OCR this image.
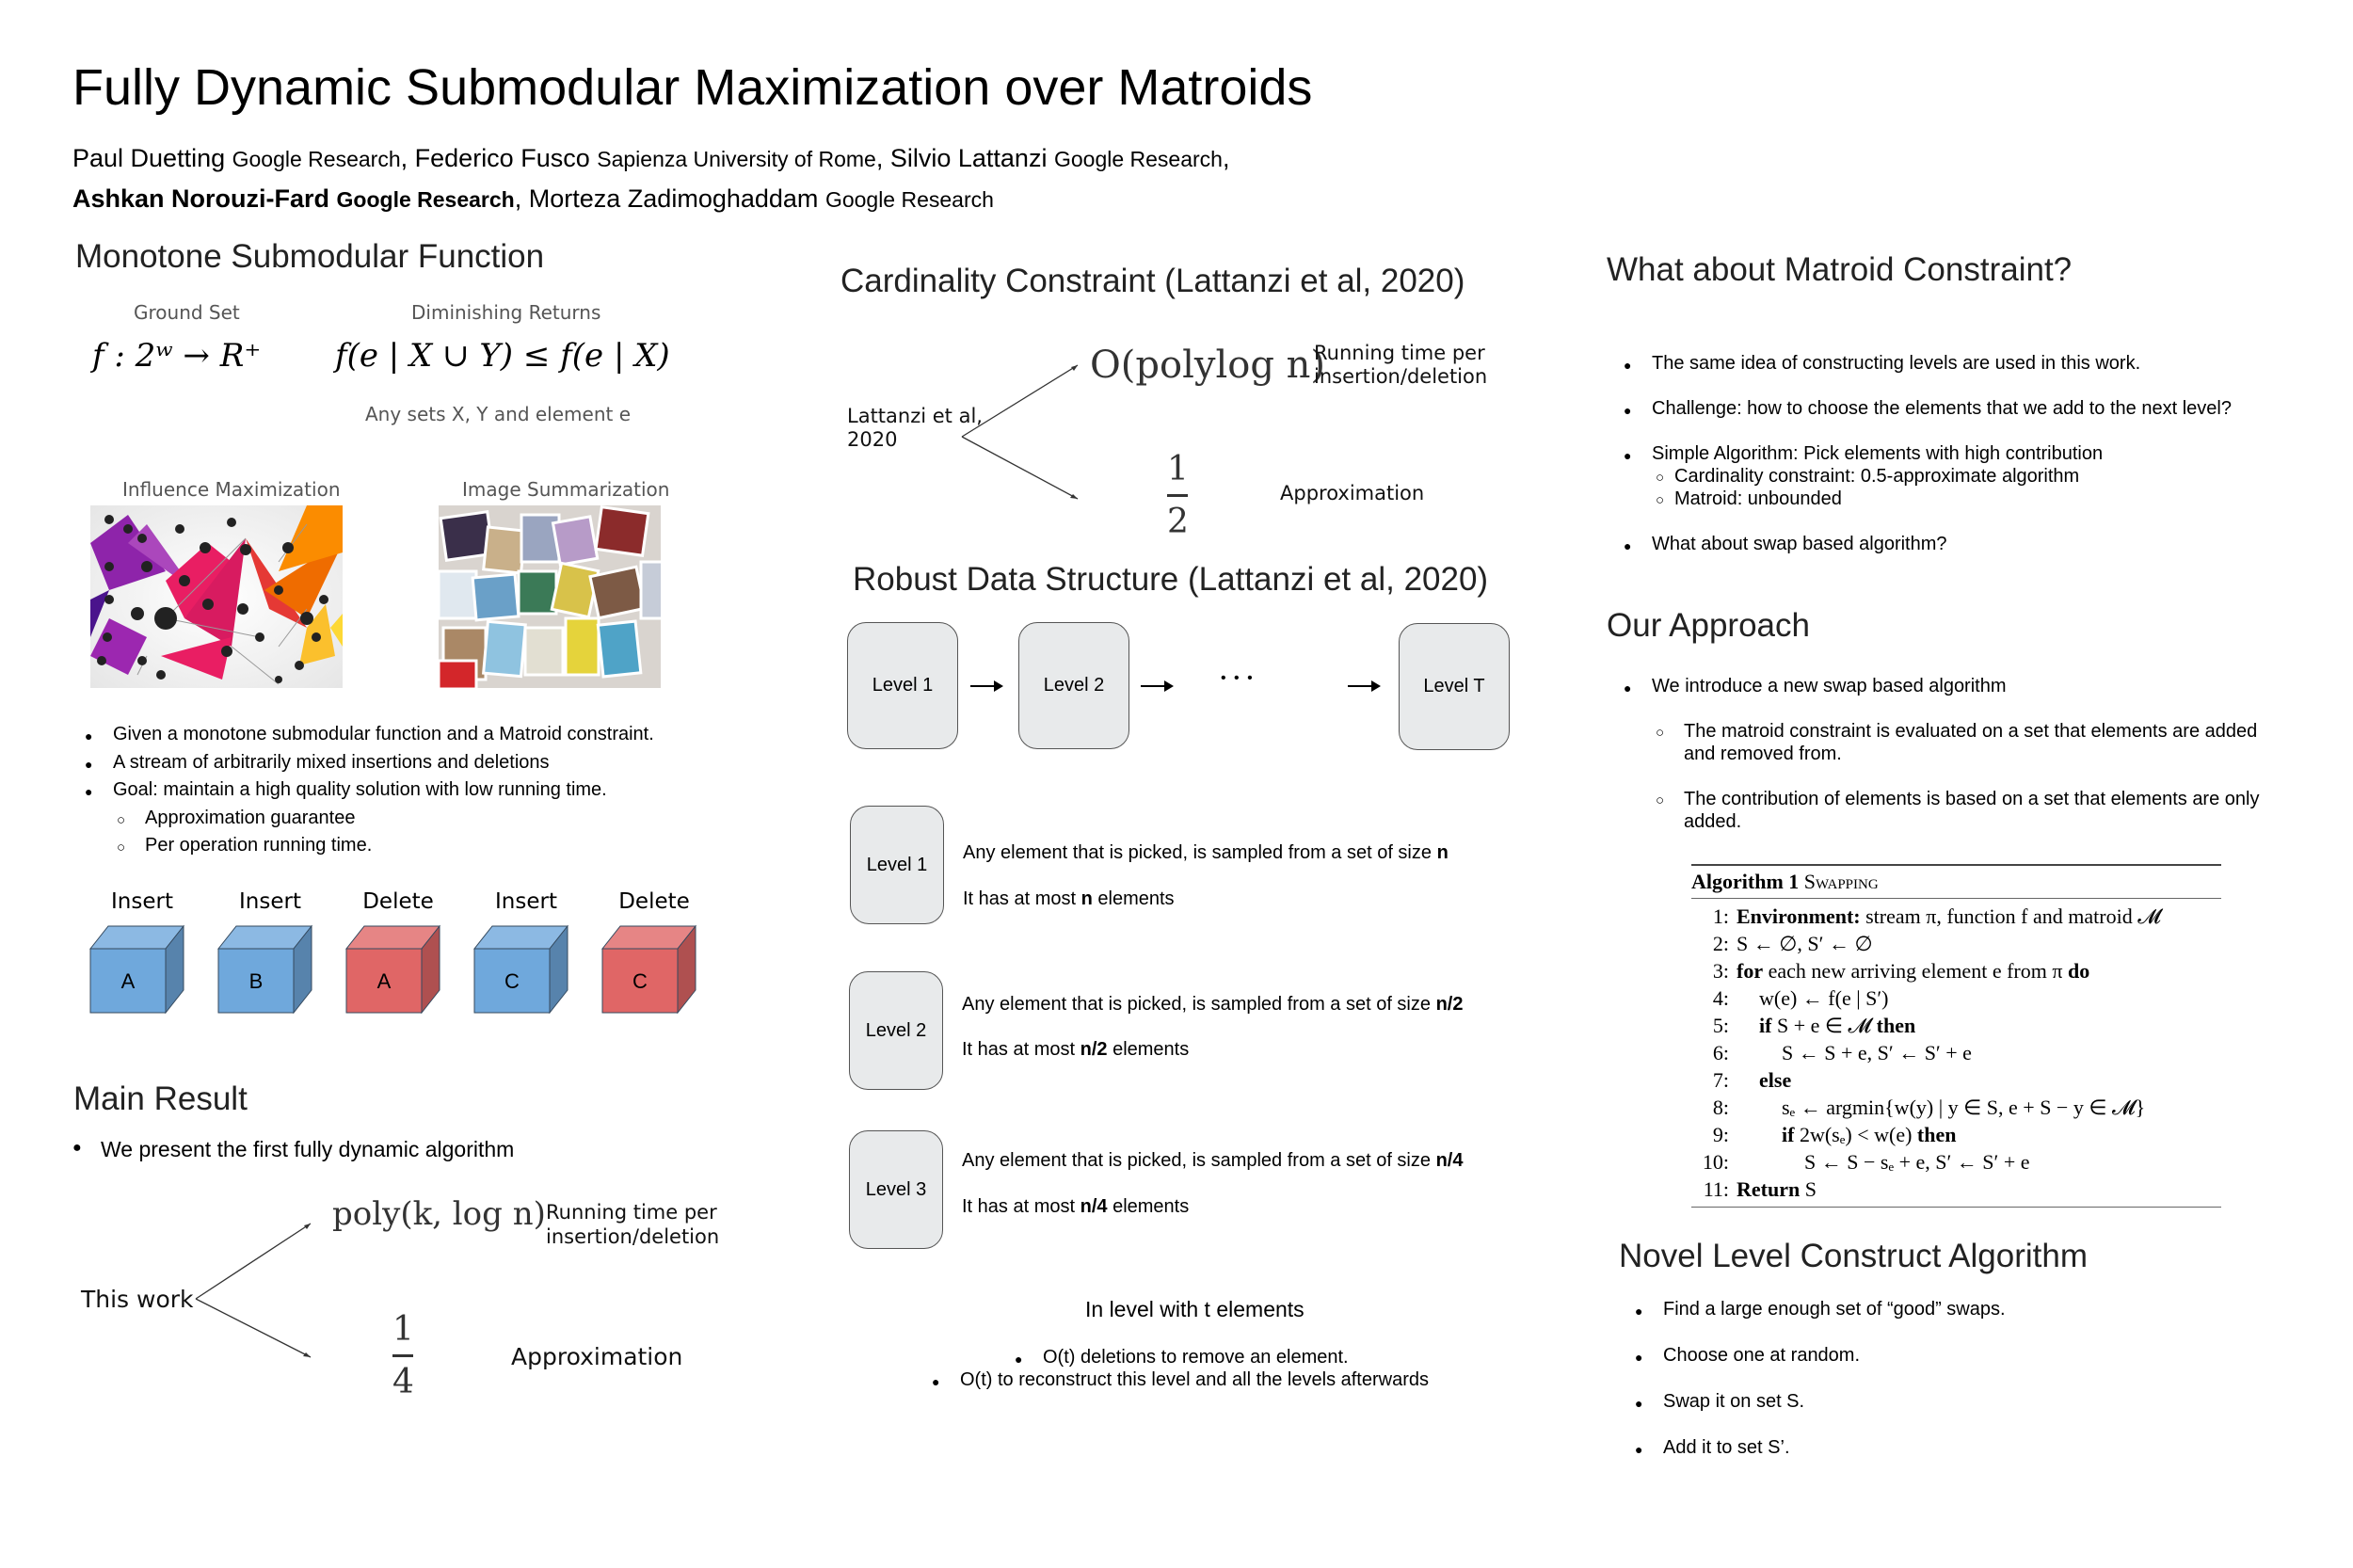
Fully Dynamic Submodular Maximization over Matroids
Paul Duetting Google Research, Federico Fusco Sapienza University of Rome, Silvio Lattanzi Google Research,
Ashkan Norouzi-Fard Google Research, Morteza Zadimoghaddam Google Research
Monotone Submodular Function
Ground Set
f : 2ʷ → R⁺
Diminishing Returns
f(e | X ∪ Y) ≤ f(e | X)
Any sets X, Y and element e
Influence Maximization	Image Summarization
● Given a monotone submodular function and a Matroid constraint.
● A stream of arbitrarily mixed insertions and deletions
● Goal: maintain a high quality solution with low running time.
○ Approximation guarantee
○ Per operation running time.
Insert
A
Insert
B
Delete
A
Insert
C
Delete
C
Main Result
● We present the first fully dynamic algorithm
This work
poly(k, log n) Running time per
insertion/deletion
1
4
Approximation
Cardinality Constraint (Lattanzi et al, 2020)
Lattanzi et al,
2020
O(polylog n)
Running time per
insertion/deletion
1
2
Approximation
Robust Data Structure (Lattanzi et al, 2020)
Level 1	Level 2	• • •	Level T
Level 1
Any element that is picked, is sampled from a set of size n
It has at most n elements
Level 2
Any element that is picked, is sampled from a set of size n/2
It has at most n/2 elements
Level 3
Any element that is picked, is sampled from a set of size n/4
It has at most n/4 elements
In level with t elements
● O(t) deletions to remove an element.
● O(t) to reconstruct this level and all the levels afterwards
What about Matroid Constraint?
● The same idea of constructing levels are used in this work.
● Challenge: how to choose the elements that we add to the next level?
● Simple Algorithm: Pick elements with high contribution
○ Cardinality constraint: 0.5-approximate algorithm
○ Matroid: unbounded
● What about swap based algorithm?
Our Approach
● We introduce a new swap based algorithm
○ The matroid constraint is evaluated on a set that elements are added
and removed from.
○ The contribution of elements is based on a set that elements are only
added.
Algorithm 1 Swapping
1: Environment: stream π, function f and matroid 𝓜
2: S ← ∅, S′ ← ∅
3: for each new arriving element e from π do
4:	w(e) ← f(e | S′)
5:	if S + e ∈ 𝓜 then
6:	S ← S + e, S′ ← S′ + e
7:	else
8:	sₑ ← argmin{w(y) | y ∈ S, e + S − y ∈ 𝓜}
9:	if 2w(sₑ) < w(e) then
10:	S ← S − sₑ + e, S′ ← S′ + e
11: Return S
Novel Level Construct Algorithm
● Find a large enough set of “good” swaps.
● Choose one at random.
● Swap it on set S.
● Add it to set S’.
